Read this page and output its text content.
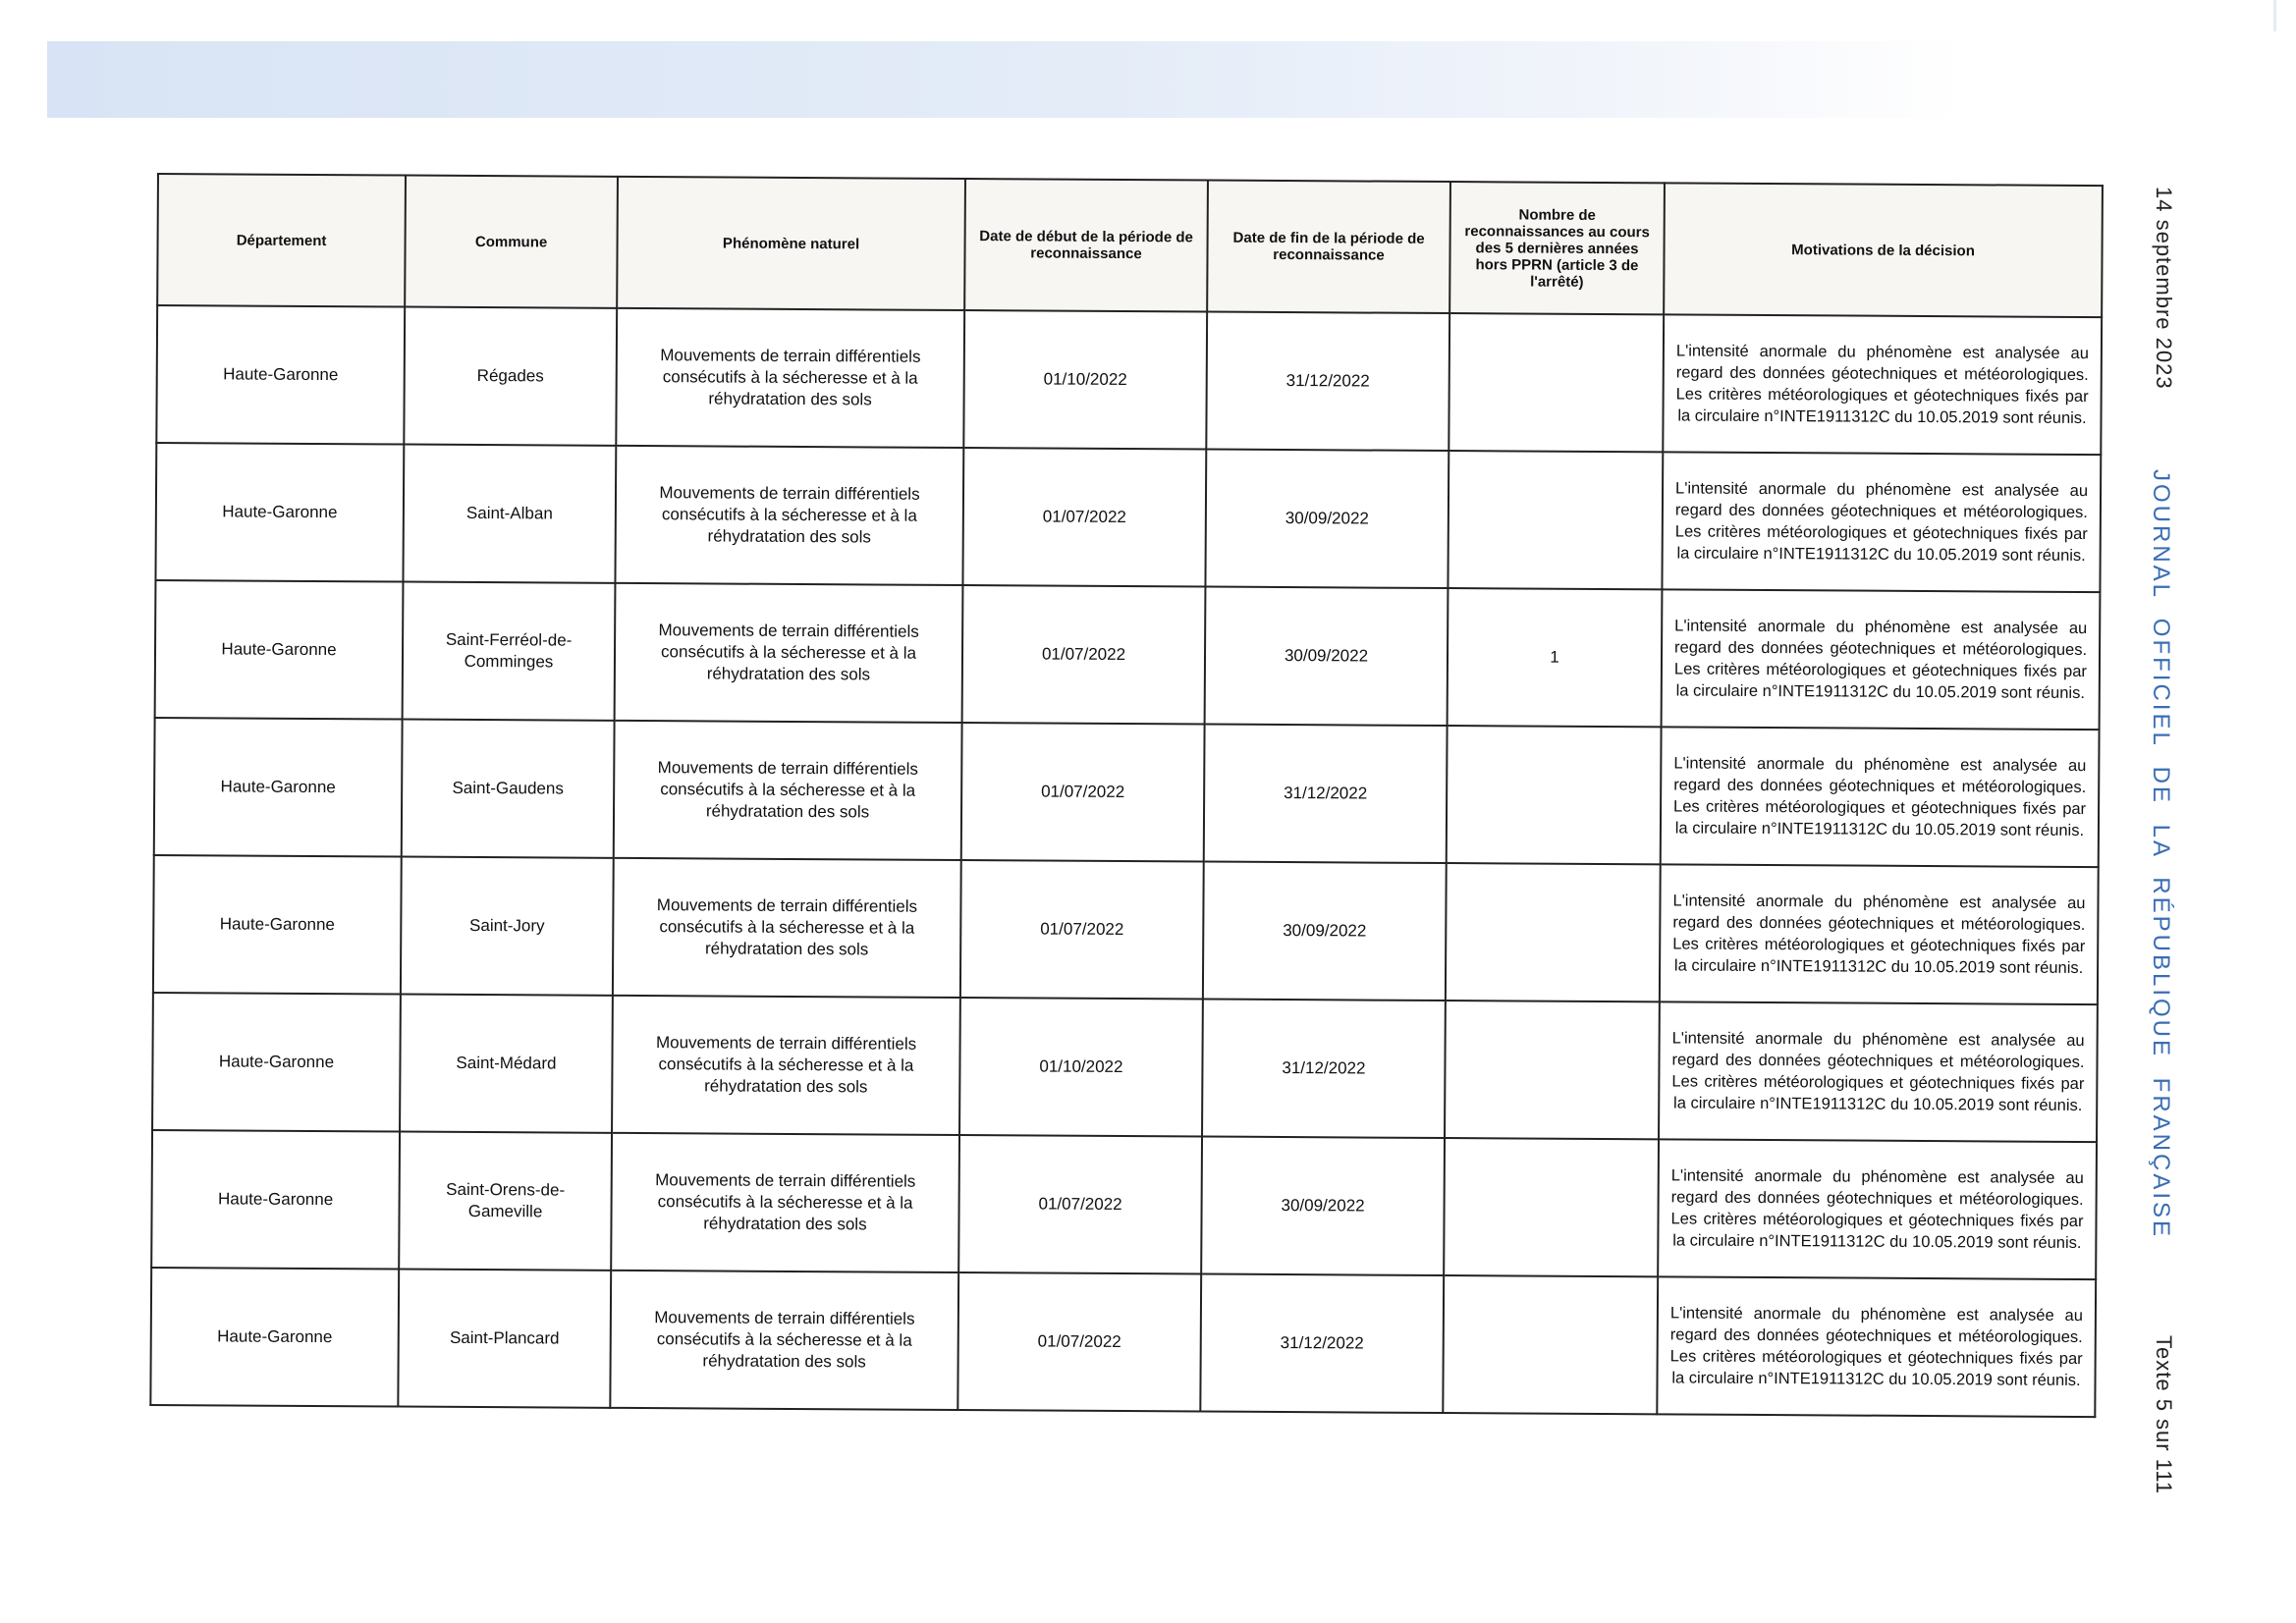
Département	Commune	Phénomène naturel	Date de début de la période de reconnaissance	Date de fin de la période de reconnaissance	Nombre de reconnaissances au cours des 5 dernières années hors PPRN (article 3 de l'arrêté)	Motivations de la décision
Haute-Garonne	Régades	Mouvements de terrain différentiels consécutifs à la sécheresse et à la réhydratation des sols	01/10/2022	31/12/2022		L'intensité anormale du phénomène est analysée au regard des données géotechniques et météorologiques. Les critères météorologiques et géotechniques fixés par la circulaire n°INTE1911312C du 10.05.2019 sont réunis.
Haute-Garonne	Saint-Alban	Mouvements de terrain différentiels consécutifs à la sécheresse et à la réhydratation des sols	01/07/2022	30/09/2022		L'intensité anormale du phénomène est analysée au regard des données géotechniques et météorologiques. Les critères météorologiques et géotechniques fixés par la circulaire n°INTE1911312C du 10.05.2019 sont réunis.
Haute-Garonne	Saint-Ferréol-de-Comminges	Mouvements de terrain différentiels consécutifs à la sécheresse et à la réhydratation des sols	01/07/2022	30/09/2022	1	L'intensité anormale du phénomène est analysée au regard des données géotechniques et météorologiques. Les critères météorologiques et géotechniques fixés par la circulaire n°INTE1911312C du 10.05.2019 sont réunis.
Haute-Garonne	Saint-Gaudens	Mouvements de terrain différentiels consécutifs à la sécheresse et à la réhydratation des sols	01/07/2022	31/12/2022		L'intensité anormale du phénomène est analysée au regard des données géotechniques et météorologiques. Les critères météorologiques et géotechniques fixés par la circulaire n°INTE1911312C du 10.05.2019 sont réunis.
Haute-Garonne	Saint-Jory	Mouvements de terrain différentiels consécutifs à la sécheresse et à la réhydratation des sols	01/07/2022	30/09/2022		L'intensité anormale du phénomène est analysée au regard des données géotechniques et météorologiques. Les critères météorologiques et géotechniques fixés par la circulaire n°INTE1911312C du 10.05.2019 sont réunis.
Haute-Garonne	Saint-Médard	Mouvements de terrain différentiels consécutifs à la sécheresse et à la réhydratation des sols	01/10/2022	31/12/2022		L'intensité anormale du phénomène est analysée au regard des données géotechniques et météorologiques. Les critères météorologiques et géotechniques fixés par la circulaire n°INTE1911312C du 10.05.2019 sont réunis.
Haute-Garonne	Saint-Orens-de-Gameville	Mouvements de terrain différentiels consécutifs à la sécheresse et à la réhydratation des sols	01/07/2022	30/09/2022		L'intensité anormale du phénomène est analysée au regard des données géotechniques et météorologiques. Les critères météorologiques et géotechniques fixés par la circulaire n°INTE1911312C du 10.05.2019 sont réunis.
Haute-Garonne	Saint-Plancard	Mouvements de terrain différentiels consécutifs à la sécheresse et à la réhydratation des sols	01/07/2022	31/12/2022		L'intensité anormale du phénomène est analysée au regard des données géotechniques et météorologiques. Les critères météorologiques et géotechniques fixés par la circulaire n°INTE1911312C du 10.05.2019 sont réunis.
14 septembre 2023
JOURNAL OFFICIEL DE LA RÉPUBLIQUE FRANÇAISE
Texte 5 sur 111
